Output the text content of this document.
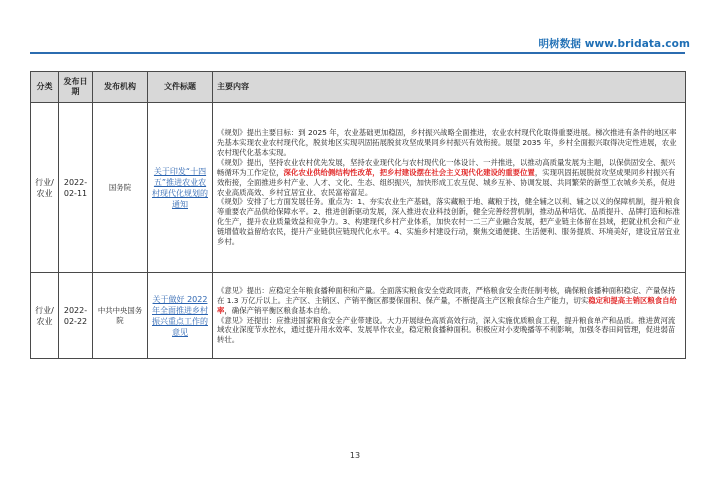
明树数据 www.bridata.com
分类	发布日期	发布机构	文件标题	主要内容
行业/农业	2022-02-11	国务院	关于印发“十四五”推进农业农村现代化规划的通知	《规划》提出主要目标：到 2025 年，农业基础更加稳固，乡村振兴战略全面推进，农业农村现代化取得重要进展。梯次推进有条件的地区率先基本实现农业农村现代化，脱贫地区实现巩固拓展脱贫攻坚成果同乡村振兴有效衔接。展望 2035 年，乡村全面振兴取得决定性进展，农业农村现代化基本实现。
《规划》提出，坚持农业农村优先发展，坚持农业现代化与农村现代化一体设计、一并推进，以推动高质量发展为主题，以保供固安全、振兴畅循环为工作定位，深化农业供给侧结构性改革，把乡村建设摆在社会主义现代化建设的重要位置，实现巩固拓展脱贫攻坚成果同乡村振兴有效衔接，全面推进乡村产业、人才、文化、生态、组织振兴，加快形成工农互促、城乡互补、协调发展、共同繁荣的新型工农城乡关系，促进农业高质高效、乡村宜居宜业、农民富裕富足。
《规划》安排了七方面发展任务。重点为：1、夯实农业生产基础，落实藏粮于地、藏粮于技，健全辅之以利、辅之以义的保障机制，提升粮食等重要农产品供给保障水平。2、推进创新驱动发展，深入推进农业科技创新，健全完善经营机制，推动品种培优、品质提升、品牌打造和标准化生产，提升农业质量效益和竞争力。3、构建现代乡村产业体系，加快农村一二三产业融合发展，把产业链主体留在县域，把就业机会和产业链增值收益留给农民，提升产业链供应链现代化水平。4、实施乡村建设行动，聚焦交通便捷、生活便利、服务提质、环境美好，建设宜居宜业乡村。

行业/农业	2022-02-22	中共中央国务院	关于做好 2022 年全面推进乡村振兴重点工作的意见	《意见》提出：应稳定全年粮食播种面积和产量。全面落实粮食安全党政同责，严格粮食安全责任制考核，确保粮食播种面积稳定、产量保持在 1.3 万亿斤以上。主产区、主销区、产销平衡区都要保面积、保产量，不断提高主产区粮食综合生产能力，切实稳定和提高主销区粮食自给率，确保产销平衡区粮食基本自给。
《意见》还提出：应推进国家粮食安全产业带建设。大力开展绿色高质高效行动，深入实施优质粮食工程，提升粮食单产和品质。推进黄河流域农业深度节水控水，通过提升用水效率、发展旱作农业，稳定粮食播种面积。积极应对小麦晚播等不利影响，加强冬春田间管理，促进弱苗转壮。
13
